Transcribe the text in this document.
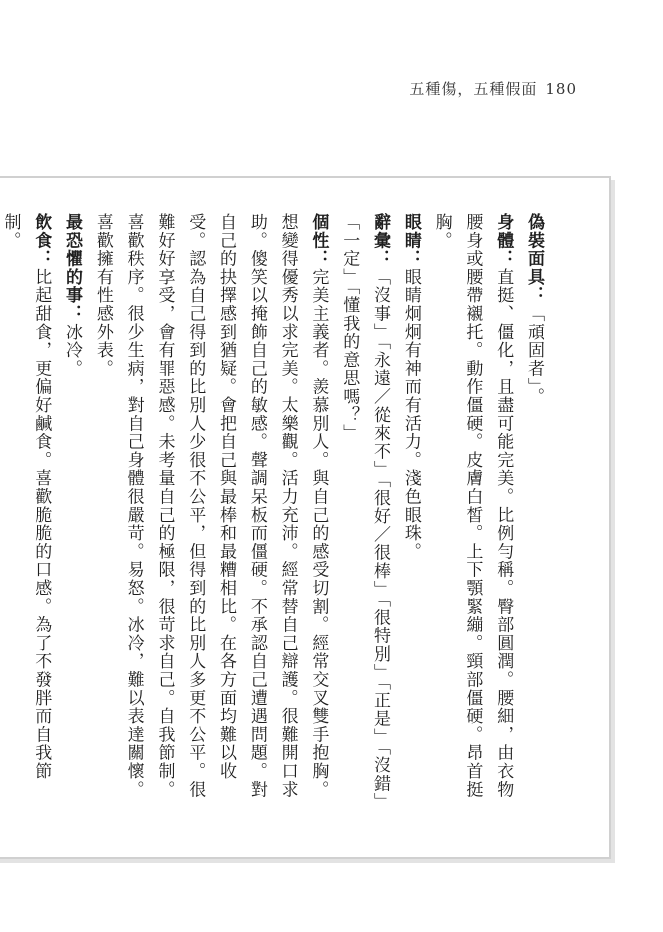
五種傷，五種假面 180

偽裝面具：「頑固者」。

身體：直挺、僵化，且盡可能完美。比例勻稱。臀部圓潤。腰細，由衣物腰身或腰帶襯托。動作僵硬。皮膚白皙。上下顎緊繃。頸部僵硬。昂首挺胸。

眼睛：眼睛炯炯有神而有活力。淺色眼珠。

辭彙：「沒事」「永遠／從來不」「很好／很棒」「很特別」「正是」「沒錯」「一定」「懂我的意思嗎？」

個性：完美主義者。羨慕別人。與自己的感受切割。經常交叉雙手抱胸。想變得優秀以求完美。太樂觀。活力充沛。經常替自己辯護。很難開口求助。傻笑以掩飾自己的敏感。聲調呆板而僵硬。不承認自己遭遇問題。對自己的抉擇感到猶疑。會把自己與最棒和最糟相比。在各方面均難以收受。認為自己得到的比別人少很不公平，但得到的比別人多更不公平。很難好好享受，會有罪惡感。未考量自己的極限，很苛求自己。自我節制。喜歡秩序。很少生病，對自己身體很嚴苛。易怒。冰冷，難以表達關懷。喜歡擁有性感外表。

最恐懼的事：冰冷。

飲食：比起甜食，更偏好鹹食。喜歡脆脆的口感。為了不發胖而自我節制。
